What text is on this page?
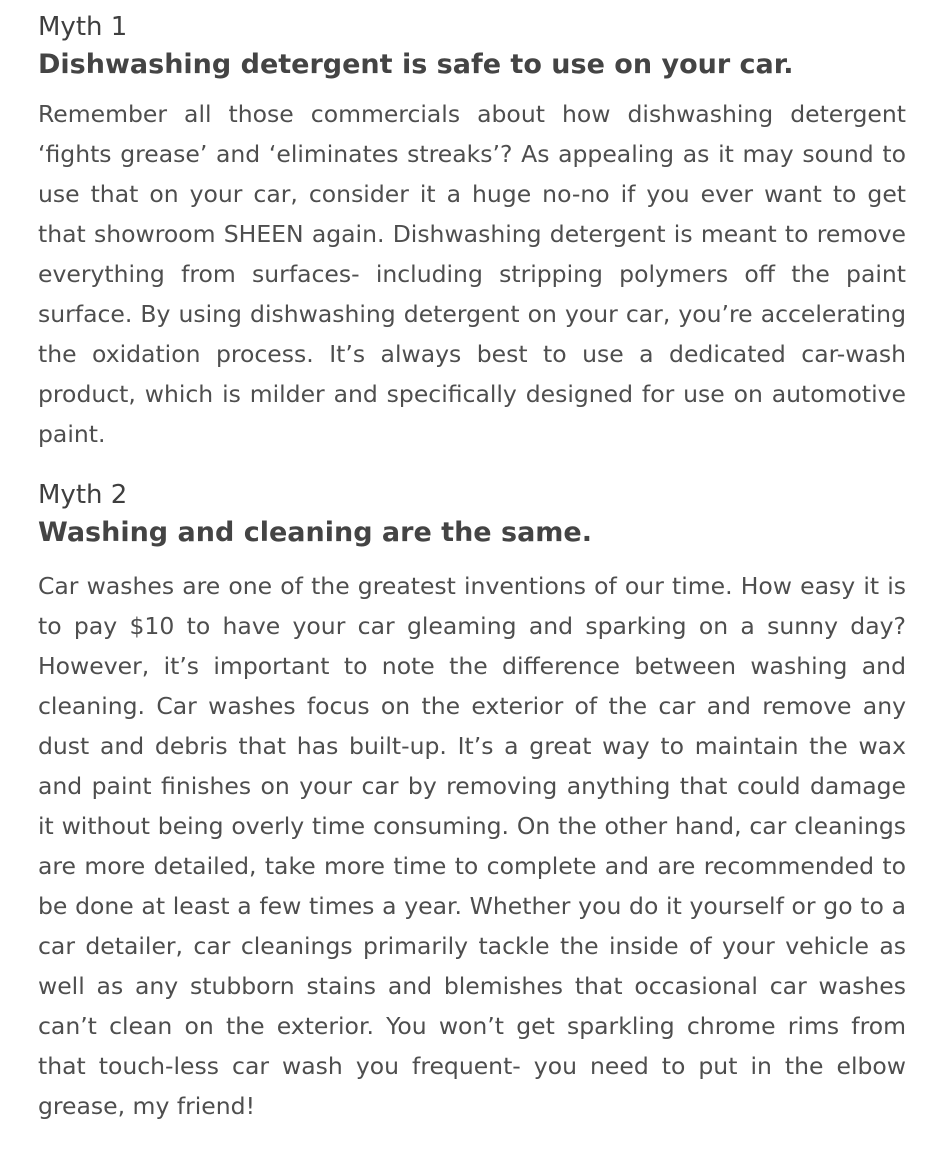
Myth 1
Dishwashing detergent is safe to use on your car.

Remember all those commercials about how dishwashing detergent ‘fights grease’ and ‘eliminates streaks’? As appealing as it may sound to use that on your car, consider it a huge no-no if you ever want to get that showroom SHEEN again. Dishwashing detergent is meant to remove everything from surfaces- including stripping polymers off the paint surface. By using dishwashing detergent on your car, you’re accelerating the oxidation process. It’s always best to use a dedicated car-wash product, which is milder and specifically designed for use on automotive paint.

Myth 2
Washing and cleaning are the same.

Car washes are one of the greatest inventions of our time. How easy it is to pay $10 to have your car gleaming and sparking on a sunny day? However, it’s important to note the difference between washing and cleaning. Car washes focus on the exterior of the car and remove any dust and debris that has built-up. It’s a great way to maintain the wax and paint finishes on your car by removing anything that could damage it without being overly time consuming. On the other hand, car cleanings are more detailed, take more time to complete and are recommended to be done at least a few times a year. Whether you do it yourself or go to a car detailer, car cleanings primarily tackle the inside of your vehicle as well as any stubborn stains and blemishes that occasional car washes can’t clean on the exterior. You won’t get sparkling chrome rims from that touch-less car wash you frequent- you need to put in the elbow grease, my friend!
